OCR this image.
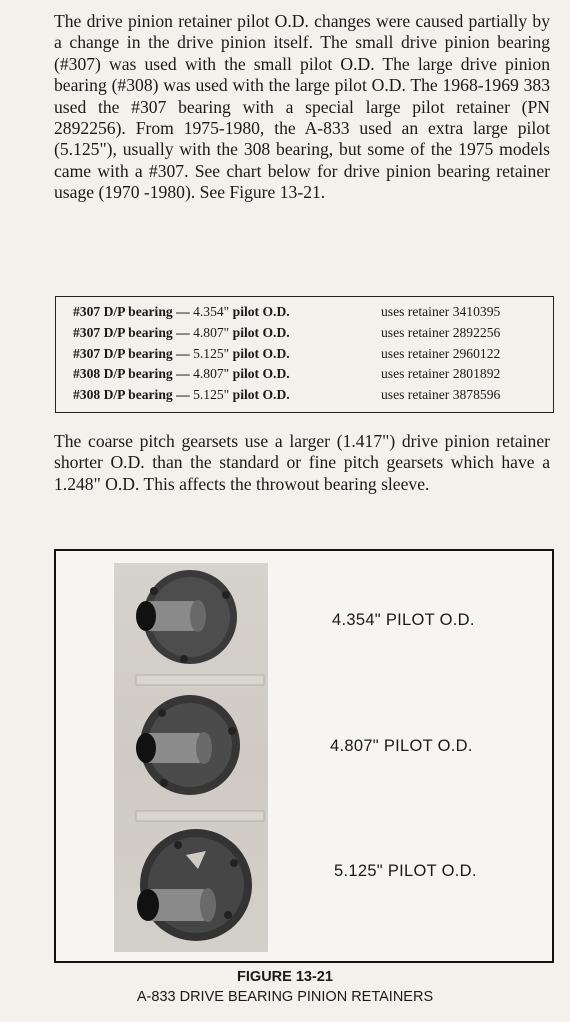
The drive pinion retainer pilot O.D. changes were caused partially by a change in the drive pinion itself. The small drive pinion bearing (#307) was used with the small pilot O.D. The large drive pinion bearing (#308) was used with the large pilot O.D. The 1968-1969 383 used the #307 bearing with a special large pilot retainer (PN 2892256). From 1975-1980, the A-833 used an extra large pilot (5.125"), usually with the 308 bearing, but some of the 1975 models came with a #307. See chart below for drive pinion bearing retainer usage (1970 -1980). See Figure 13-21.

#307 D/P bearing — 4.354" pilot O.D.	uses retainer 3410395
#307 D/P bearing — 4.807" pilot O.D.	uses retainer 2892256
#307 D/P bearing — 5.125" pilot O.D.	uses retainer 2960122
#308 D/P bearing — 4.807" pilot O.D.	uses retainer 2801892
#308 D/P bearing — 5.125" pilot O.D.	uses retainer 3878596

The coarse pitch gearsets use a larger (1.417") drive pinion retainer shorter O.D. than the standard or fine pitch gearsets which have a 1.248" O.D. This affects the throwout bearing sleeve.

4.354" PILOT O.D.
4.807" PILOT O.D.
5.125" PILOT O.D.
FIGURE 13-21
A-833 DRIVE BEARING PINION RETAINERS
